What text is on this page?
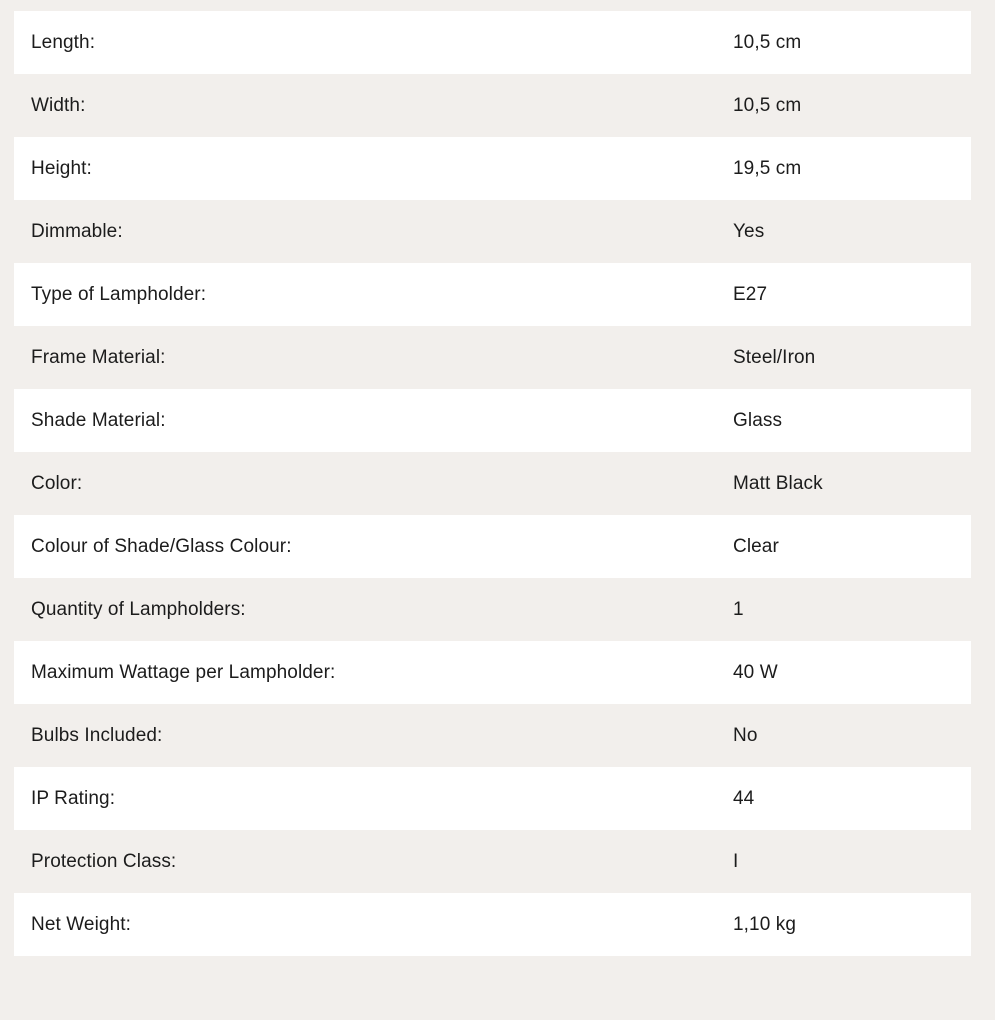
Length:	10,5 cm
Width:	10,5 cm
Height:	19,5 cm
Dimmable:	Yes
Type of Lampholder:	E27
Frame Material:	Steel/Iron
Shade Material:	Glass
Color:	Matt Black
Colour of Shade/Glass Colour:	Clear
Quantity of Lampholders:	1
Maximum Wattage per Lampholder:	40 W
Bulbs Included:	No
IP Rating:	44
Protection Class:	I
Net Weight:	1,10 kg
